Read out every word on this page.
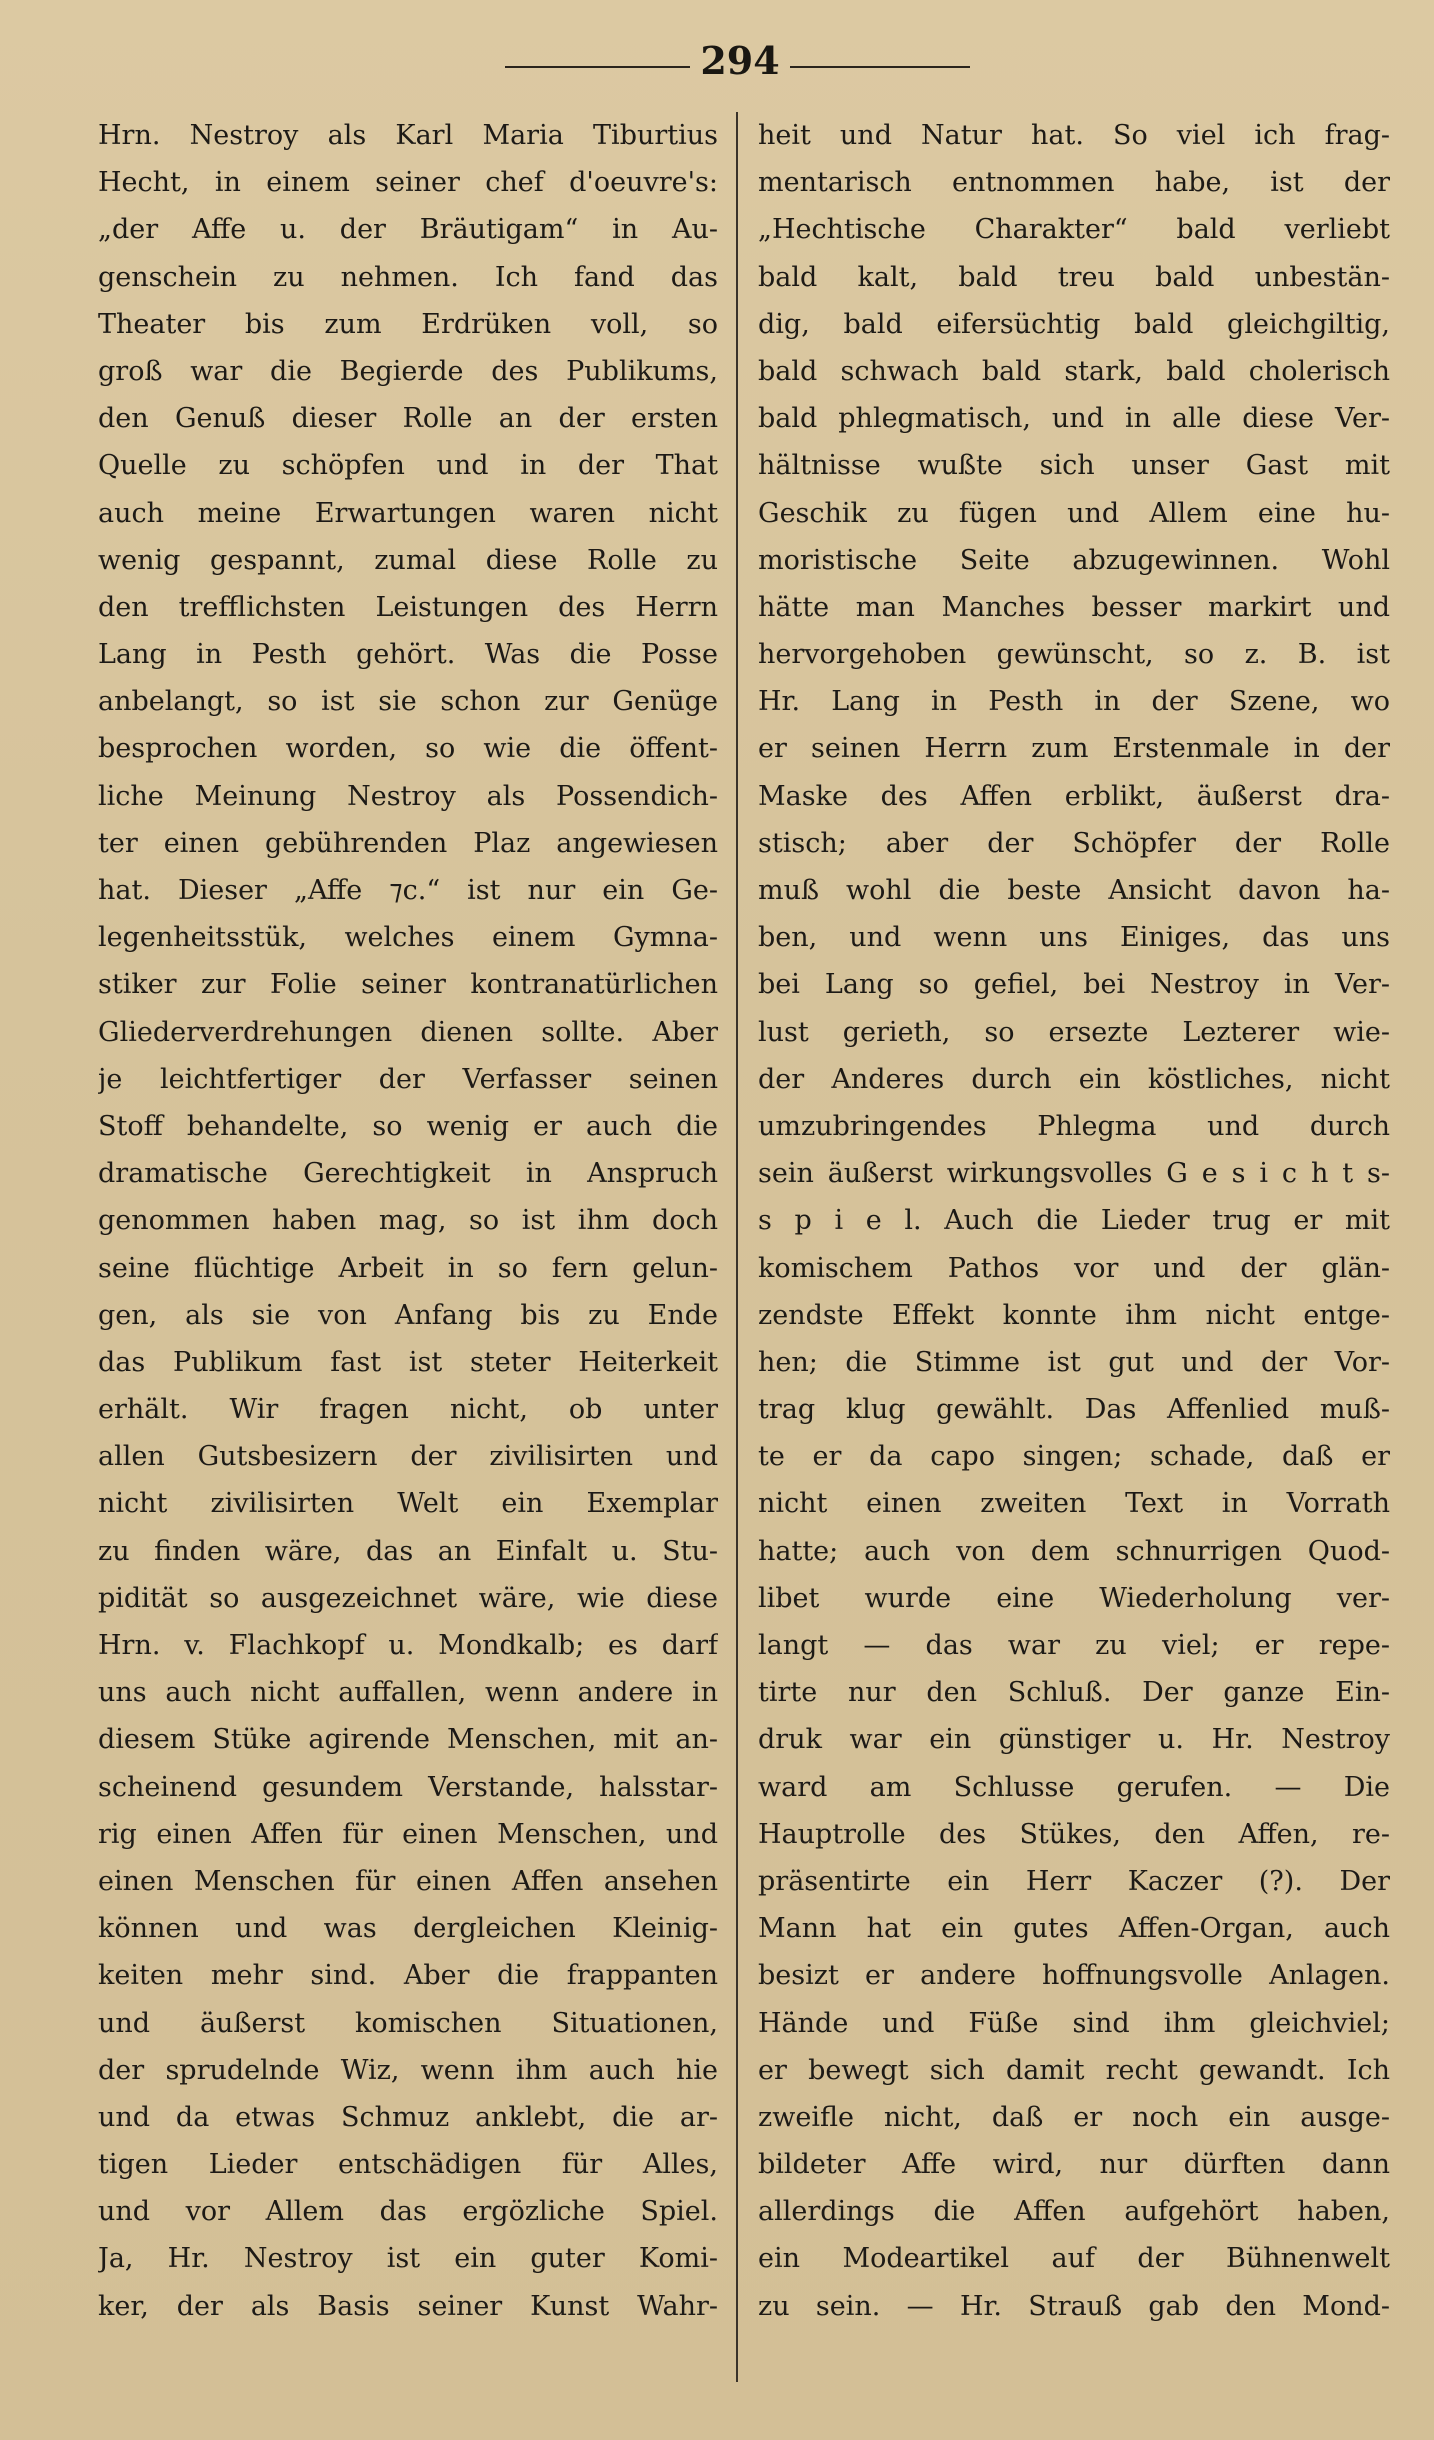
294
Hrn. Nestroy als Karl Maria Tiburtius
Hecht, in einem seiner chef d'oeuvre's:
„der Affe u. der Bräutigam“ in Au-
genschein zu nehmen. Ich fand das
Theater bis zum Erdrüken voll, so
groß war die Begierde des Publikums,
den Genuß dieser Rolle an der ersten
Quelle zu schöpfen und in der That
auch meine Erwartungen waren nicht
wenig gespannt, zumal diese Rolle zu
den trefflichsten Leistungen des Herrn
Lang in Pesth gehört. Was die Posse
anbelangt, so ist sie schon zur Genüge
besprochen worden, so wie die öffent-
liche Meinung Nestroy als Possendich-
ter einen gebührenden Plaz angewiesen
hat. Dieser „Affe ⁊c.“ ist nur ein Ge-
legenheitsstük, welches einem Gymna-
stiker zur Folie seiner kontranatürlichen
Gliederverdrehungen dienen sollte. Aber
je leichtfertiger der Verfasser seinen
Stoff behandelte, so wenig er auch die
dramatische Gerechtigkeit in Anspruch
genommen haben mag, so ist ihm doch
seine flüchtige Arbeit in so fern gelun-
gen, als sie von Anfang bis zu Ende
das Publikum fast ist steter Heiterkeit
erhält. Wir fragen nicht, ob unter
allen Gutsbesizern der zivilisirten und
nicht zivilisirten Welt ein Exemplar
zu finden wäre, das an Einfalt u. Stu-
pidität so ausgezeichnet wäre, wie diese
Hrn. v. Flachkopf u. Mondkalb; es darf
uns auch nicht auffallen, wenn andere in
diesem Stüke agirende Menschen, mit an-
scheinend gesundem Verstande, halsstar-
rig einen Affen für einen Menschen, und
einen Menschen für einen Affen ansehen
können und was dergleichen Kleinig-
keiten mehr sind. Aber die frappanten
und äußerst komischen Situationen,
der sprudelnde Wiz, wenn ihm auch hie
und da etwas Schmuz anklebt, die ar-
tigen Lieder entschädigen für Alles,
und vor Allem das ergözliche Spiel.
Ja, Hr. Nestroy ist ein guter Komi-
ker, der als Basis seiner Kunst Wahr-
heit und Natur hat. So viel ich frag-
mentarisch entnommen habe, ist der
„Hechtische Charakter“ bald verliebt
bald kalt, bald treu bald unbestän-
dig, bald eifersüchtig bald gleichgiltig,
bald schwach bald stark, bald cholerisch
bald phlegmatisch, und in alle diese Ver-
hältnisse wußte sich unser Gast mit
Geschik zu fügen und Allem eine hu-
moristische Seite abzugewinnen. Wohl
hätte man Manches besser markirt und
hervorgehoben gewünscht, so z. B. ist
Hr. Lang in Pesth in der Szene, wo
er seinen Herrn zum Erstenmale in der
Maske des Affen erblikt, äußerst dra-
stisch; aber der Schöpfer der Rolle
muß wohl die beste Ansicht davon ha-
ben, und wenn uns Einiges, das uns
bei Lang so gefiel, bei Nestroy in Ver-
lust gerieth, so ersezte Lezterer wie-
der Anderes durch ein köstliches, nicht
umzubringendes Phlegma und durch
sein äußerst wirkungsvolles G e s i c h t s-
s p i e l. Auch die Lieder trug er mit
komischem Pathos vor und der glän-
zendste Effekt konnte ihm nicht entge-
hen; die Stimme ist gut und der Vor-
trag klug gewählt. Das Affenlied muß-
te er da capo singen; schade, daß er
nicht einen zweiten Text in Vorrath
hatte; auch von dem schnurrigen Quod-
libet wurde eine Wiederholung ver-
langt — das war zu viel; er repe-
tirte nur den Schluß. Der ganze Ein-
druk war ein günstiger u. Hr. Nestroy
ward am Schlusse gerufen. — Die
Hauptrolle des Stükes, den Affen, re-
präsentirte ein Herr Kaczer (?). Der
Mann hat ein gutes Affen-Organ, auch
besizt er andere hoffnungsvolle Anlagen.
Hände und Füße sind ihm gleichviel;
er bewegt sich damit recht gewandt. Ich
zweifle nicht, daß er noch ein ausge-
bildeter Affe wird, nur dürften dann
allerdings die Affen aufgehört haben,
ein Modeartikel auf der Bühnenwelt
zu sein. — Hr. Strauß gab den Mond-
